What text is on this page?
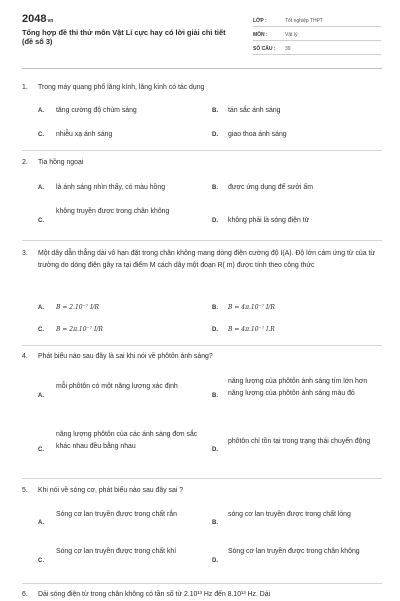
2048vn
Tổng hợp đề thi thử môn Vật Lí cực hay có lời giải chi tiết (đề số 3)
LỚP :	Tốt nghiệp THPT
MÔN :	Vật lý
SỐ CÂU : 39
1. Trong máy quang phổ lăng kính, lăng kính có tác dụng
A. tăng cường độ chùm sáng	B. tán sắc ánh sáng
C. nhiễu xạ ánh sáng	D. giao thoa ánh sáng
2. Tia hồng ngoại
A. là ánh sáng nhìn thấy, có màu hồng	B. được ứng dụng để sưởi ấm
C.
không truyền được trong chân không
D. không phải là sóng điện từ
3. Một dây dẫn thẳng dài vô hạn đặt trong chân không mang dòng điện cường độ I(A). Độ lớn cảm ứng từ của từ trường do dòng điện gây ra tại điểm M cách dây một đoạn R( m) được tính theo công thức
A. B = 2.10⁻⁷ I/R	B. B = 4π.10⁻⁷ I/R
C. B = 2π.10⁻⁷ I/R	D. B = 4π.10⁻⁷ I.R
4. Phát biểu nào sau đây là sai khi nói về phôtôn ánh sáng?
A.
mỗi phôtôn có một năng lượng xác định
B.
năng lượng của phôtôn ánh sáng tím lớn hơn năng lượng của phôtôn ánh sáng màu đỏ
C.
năng lượng phôtôn của các ánh sáng đơn sắc khác nhau đều bằng nhau	D.
phôtôn chỉ tồn tại trong trạng thái chuyển động
5. Khi nói về sóng cơ, phát biểu nào sau đây sai ?
A.
Sóng cơ lan truyền được trong chất rắn
B.
sóng cơ lan truyền được trong chất lỏng
C.
Sóng cơ lan truyền được trong chất khí
D.
Sóng cơ lan truyền được trong chân không
6. Dải sóng điện từ trong chân không có tần số từ 2.10¹³ Hz đến 8.10¹³ Hz. Dải
